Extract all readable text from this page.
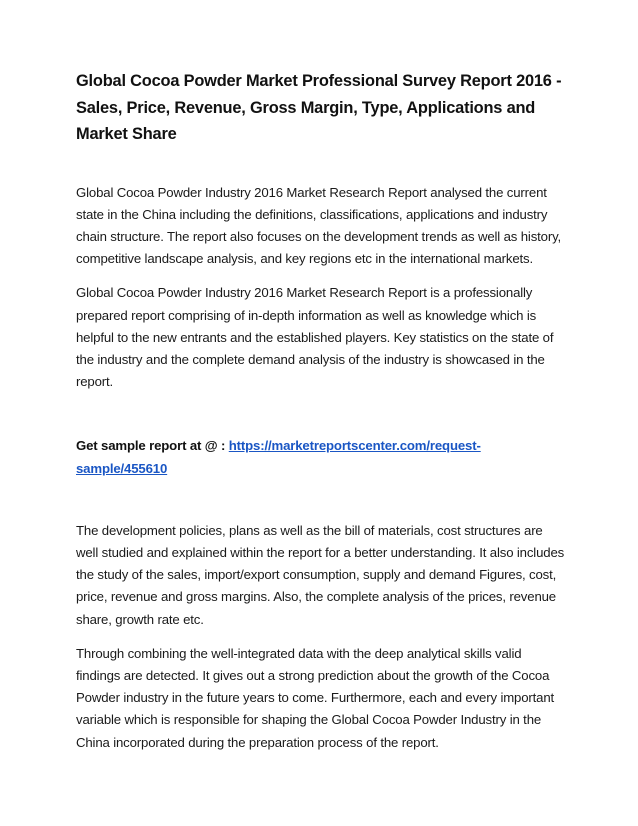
Global Cocoa Powder Market Professional Survey Report 2016 - Sales, Price, Revenue, Gross Margin, Type, Applications and Market Share

Global Cocoa Powder Industry 2016 Market Research Report analysed the current state in the China including the definitions, classifications, applications and industry chain structure. The report also focuses on the development trends as well as history, competitive landscape analysis, and key regions etc in the international markets.

Global Cocoa Powder Industry 2016 Market Research Report is a professionally prepared report comprising of in-depth information as well as knowledge which is helpful to the new entrants and the established players. Key statistics on the state of the industry and the complete demand analysis of the industry is showcased in the report.

Get sample report at @ : https://marketreportscenter.com/request-sample/455610

The development policies, plans as well as the bill of materials, cost structures are well studied and explained within the report for a better understanding. It also includes the study of the sales, import/export consumption, supply and demand Figures, cost, price, revenue and gross margins. Also, the complete analysis of the prices, revenue share, growth rate etc.

Through combining the well-integrated data with the deep analytical skills valid findings are detected. It gives out a strong prediction about the growth of the Cocoa Powder industry in the future years to come. Furthermore, each and every important variable which is responsible for shaping the Global Cocoa Powder Industry in the China incorporated during the preparation process of the report.
